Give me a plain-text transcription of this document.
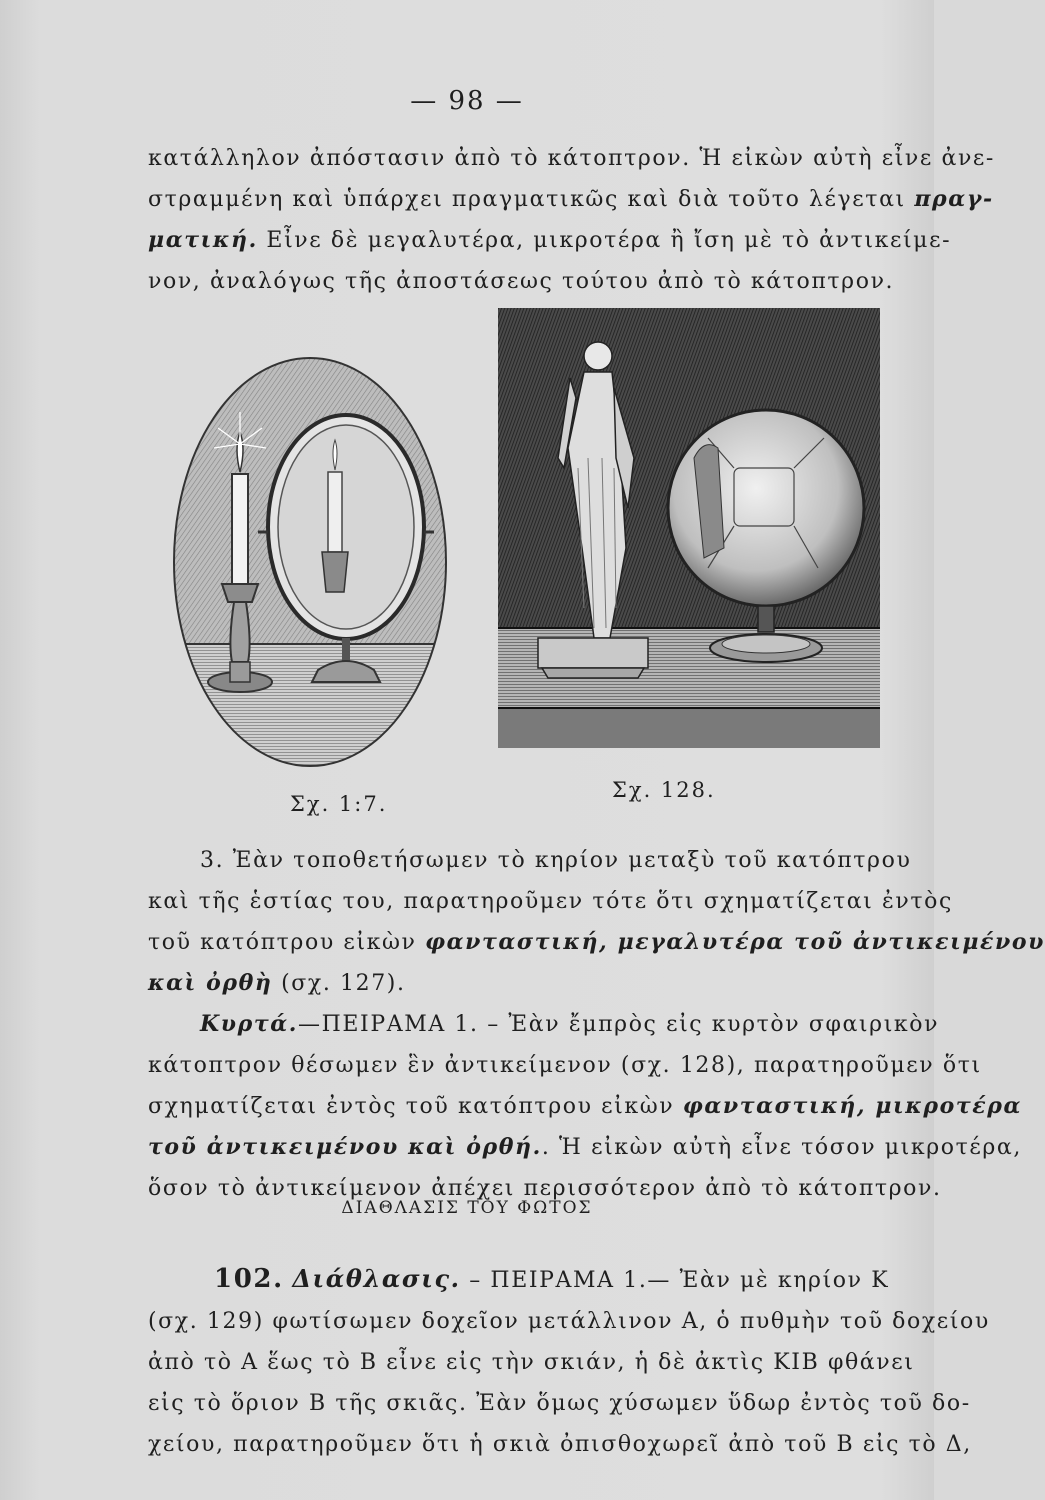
— 98 —
κατάλληλον ἀπόστασιν ἀπὸ τὸ κάτοπτρον. Ἡ εἰκὼν αὐτὴ εἶνε ἀνε-
στραμμένη καὶ ὑπάρχει πραγματικῶς καὶ διὰ τοῦτο λέγεται πραγ-
ματική. Εἶνε δὲ μεγαλυτέρα, μικροτέρα ἢ ἴση μὲ τὸ ἀντικείμε-
νον, ἀναλόγως τῆς ἀποστάσεως τούτου ἀπὸ τὸ κάτοπτρον.
Σχ. 1:7.
Σχ. 128.
3. Ἐὰν τοποθετήσωμεν τὸ κηρίον μεταξὺ τοῦ κατόπτρου
καὶ τῆς ἑστίας του, παρατηροῦμεν τότε ὅτι σχηματίζεται ἐντὸς
τοῦ κατόπτρου εἰκὼν φανταστική, μεγαλυτέρα τοῦ ἀντικειμένου
καὶ ὀρθὴ (σχ. 127).
Κυρτά.—ΠΕΙΡΑΜΑ 1. – Ἐὰν ἔμπρὸς εἰς κυρτὸν σφαιρικὸν
κάτοπτρον θέσωμεν ἓν ἀντικείμενον (σχ. 128), παρατηροῦμεν ὅτι
σχηματίζεται ἐντὸς τοῦ κατόπτρου εἰκὼν φανταστική, μικροτέρα
τοῦ ἀντικειμένου καὶ ὀρθή.. Ἡ εἰκὼν αὐτὴ εἶνε τόσον μικροτέρα,
ὅσον τὸ ἀντικείμενον ἀπέχει περισσότερον ἀπὸ τὸ κάτοπτρον.
ΔΙΑΘΛΑΣΙΣ ΤΟΥ ΦΩΤΟΣ
102. Διάθλασις. – ΠΕΙΡΑΜΑ 1.— Ἐὰν μὲ κηρίον Κ
(σχ. 129) φωτίσωμεν δοχεῖον μετάλλινον Α, ὁ πυθμὴν τοῦ δοχείου
ἀπὸ τὸ Α ἕως τὸ Β εἶνε εἰς τὴν σκιάν, ἡ δὲ ἀκτὶς ΚΙΒ φθάνει
εἰς τὸ ὅριον Β τῆς σκιᾶς. Ἐὰν ὅμως χύσωμεν ὕδωρ ἐντὸς τοῦ δο-
χείου, παρατηροῦμεν ὅτι ἡ σκιὰ ὀπισθοχωρεῖ ἀπὸ τοῦ Β εἰς τὸ Δ,
